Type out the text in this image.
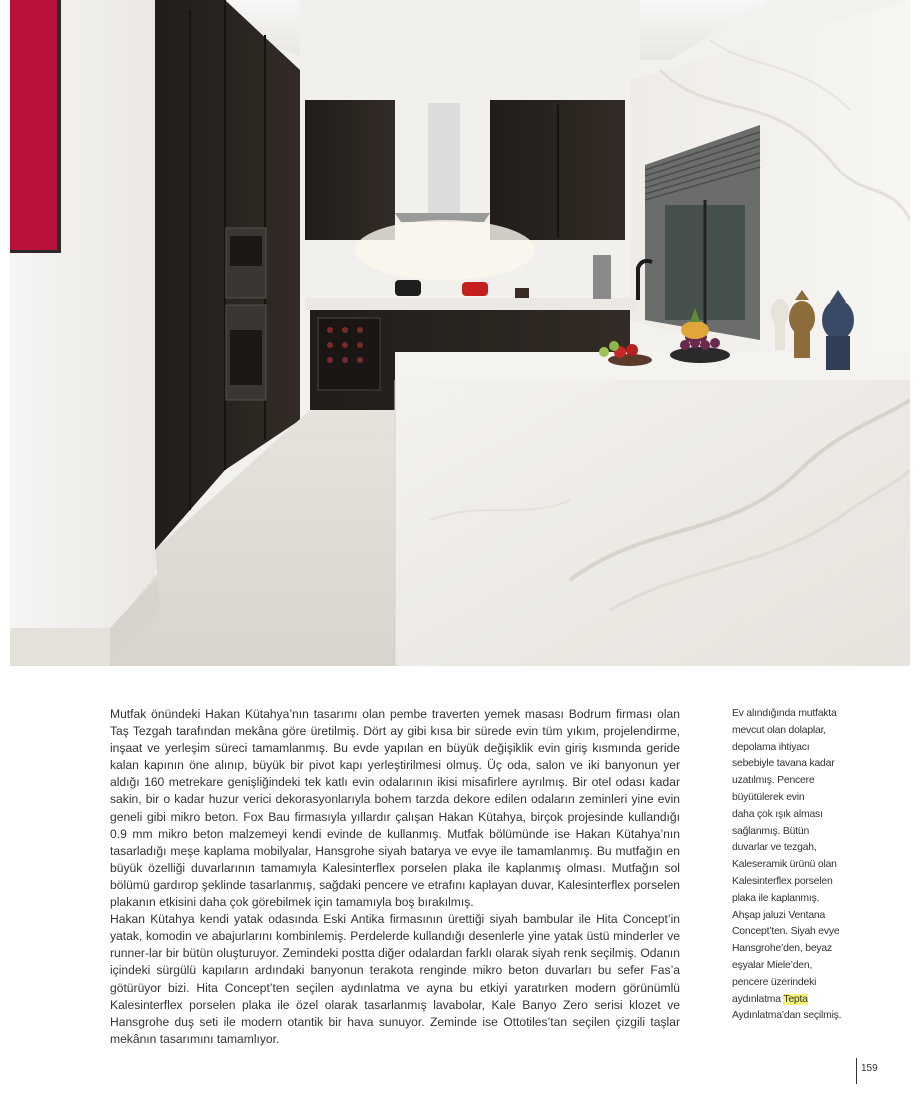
Mutfak önündeki Hakan Kütahya’nın tasarımı olan pembe traverten yemek masası Bodrum firması olan Taş Tezgah tarafından mekâna göre üretilmiş. Dört ay gibi kısa bir sürede evin tüm yıkım, projelendirme, inşaat ve yerleşim süreci tamamlanmış. Bu evde yapılan en büyük değişiklik evin giriş kısmında geride kalan kapının öne alınıp, büyük bir pivot kapı yerleştirilmesi olmuş. Üç oda, salon ve iki banyonun yer aldığı 160 metrekare genişliğindeki tek katlı evin odalarının ikisi misafirlere ayrılmış. Bir otel odası kadar sakin, bir o kadar huzur verici dekorasyonlarıyla bohem tarzda dekore edilen odaların zeminleri yine evin geneli gibi mikro beton. Fox Bau firmasıyla yıllardır çalışan Hakan Kütahya, birçok projesinde kullandığı 0.9 mm mikro beton malzemeyi kendi evinde de kullanmış. Mutfak bölümünde ise Hakan Kütahya’nın tasarladığı meşe kaplama mobilyalar, Hansgrohe siyah batarya ve evye ile tamamlanmış. Bu mutfağın en büyük özelliği duvarlarının tamamıyla Kalesinterflex porselen plaka ile kaplanmış olması. Mutfağın sol bölümü gardırop şeklinde tasarlanmış, sağdaki pencere ve etrafını kaplayan duvar, Kalesinterflex porselen plakanın etkisini daha çok görebilmek için tamamıyla boş bırakılmış.

Hakan Kütahya kendi yatak odasında Eski Antika firmasının ürettiği siyah bambular ile Hita Concept’in yatak, komodin ve abajurlarını kombinlemiş. Perdelerde kullandığı desenlerle yine yatak üstü minderler ve runner-lar bir bütün oluşturuyor. Zemindeki postta diğer odalardan farklı olarak siyah renk seçilmiş. Odanın içindeki sürgülü kapıların ardındaki banyonun terakota renginde mikro beton duvarları bu sefer Fas’a götürüyor bizi. Hita Concept’ten seçilen aydınlatma ve ayna bu etkiyi yaratırken modern görünümlü Kalesinterflex porselen plaka ile özel olarak tasarlanmış lavabolar, Kale Banyo Zero serisi klozet ve Hansgrohe duş seti ile modern otantik bir hava sunuyor. Zeminde ise Ottotiles’tan seçilen çizgili taşlar mekânın tasarımını tamamlıyor.

Ev alındığında mutfakta
mevcut olan dolaplar,
depolama ihtiyacı
sebebiyle tavana kadar
uzatılmış. Pencere
büyütülerek evin
daha çok ışık alması
sağlanmış. Bütün
duvarlar ve tezgah,
Kaleseramik ürünü olan
Kalesinterflex porselen
plaka ile kaplanmış.
Ahşap jaluzi Ventana
Concept’ten. Siyah evye
Hansgrohe’den, beyaz
eşyalar Miele’den,
pencere üzerindeki
aydınlatma Tepta
Aydınlatma’dan seçilmiş.
159
